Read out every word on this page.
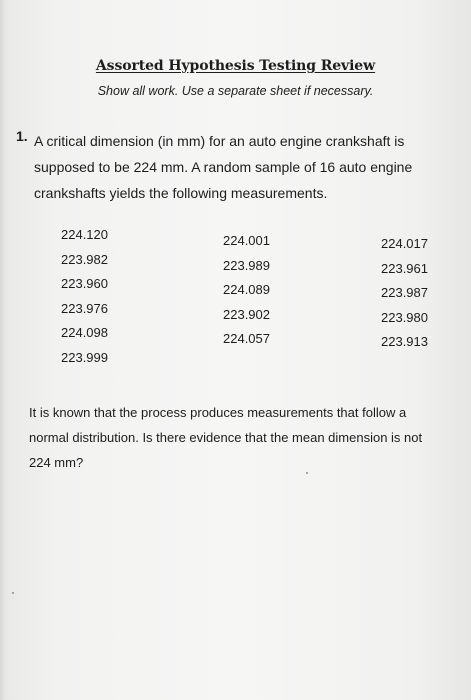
Assorted Hypothesis Testing Review
Show all work. Use a separate sheet if necessary.
1. A critical dimension (in mm) for an auto engine crankshaft is supposed to be 224 mm. A random sample of 16 auto engine crankshafts yields the following measurements.
224.120
223.982
223.960
223.976
224.098
223.999
224.001
223.989
224.089
223.902
224.057
224.017
223.961
223.987
223.980
223.913
It is known that the process produces measurements that follow a normal distribution. Is there evidence that the mean dimension is not 224 mm?
